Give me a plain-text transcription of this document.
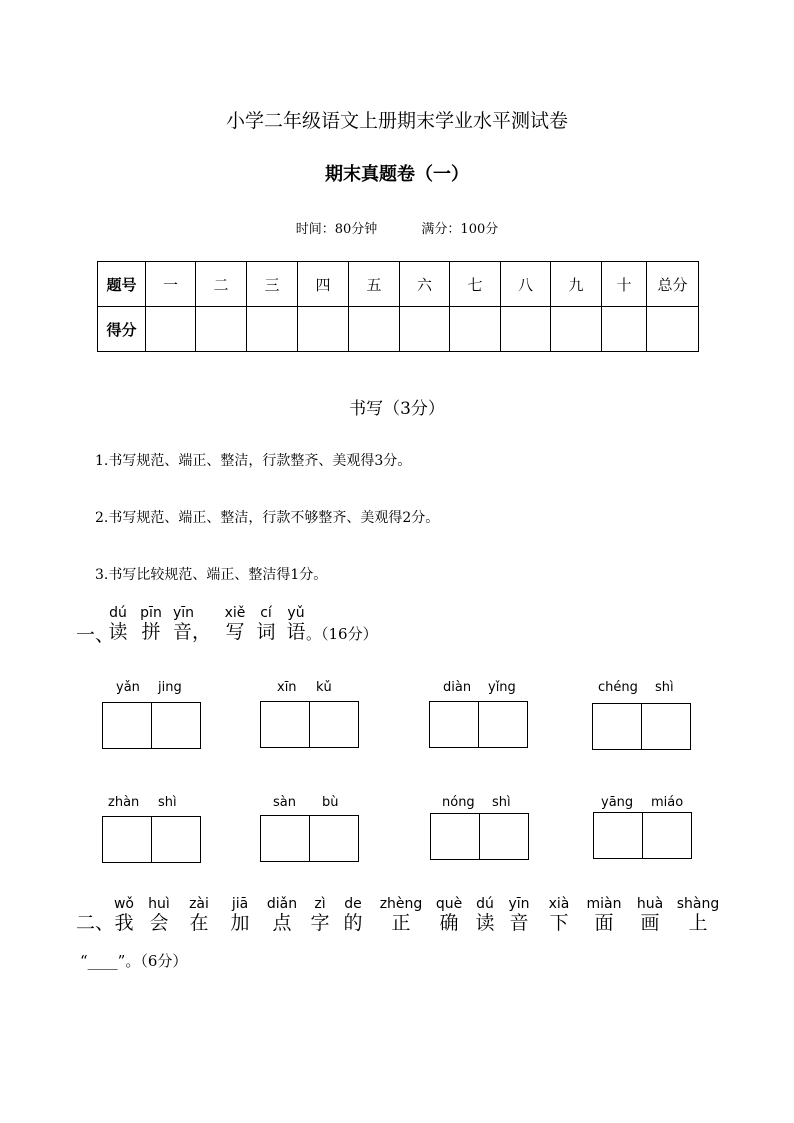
小学二年级语文上册期末学业水平测试卷
期末真题卷（一）
时间：80分钟	满分：100分
题号	一	二	三	四	五	六	七	八	九	十	总分
得分											
书写（3分）
1.书写规范、端正、整洁，行款整齐、美观得3分。
2.书写规范、端正、整洁，行款不够整齐、美观得2分。
3.书写比较规范、端正、整洁得1分。
一、
dú
读
pīn
拼
yīn
音，
xiě
写
cí
词
yǔ
语 。（16分）
yǎn jing	xīn kǔ	diàn yǐng	chéng shì
zhàn shì	sàn bù	nóng shì	yāng miáo
二、
wǒ
我
huì
会
zài
在
jiā
加
diǎn
点
zì
字
de
的
zhèng
正
què
确
dú
读
yīn
音
xià
下
miàn
面
huà
画
shàng
上
“____”。（6分）
